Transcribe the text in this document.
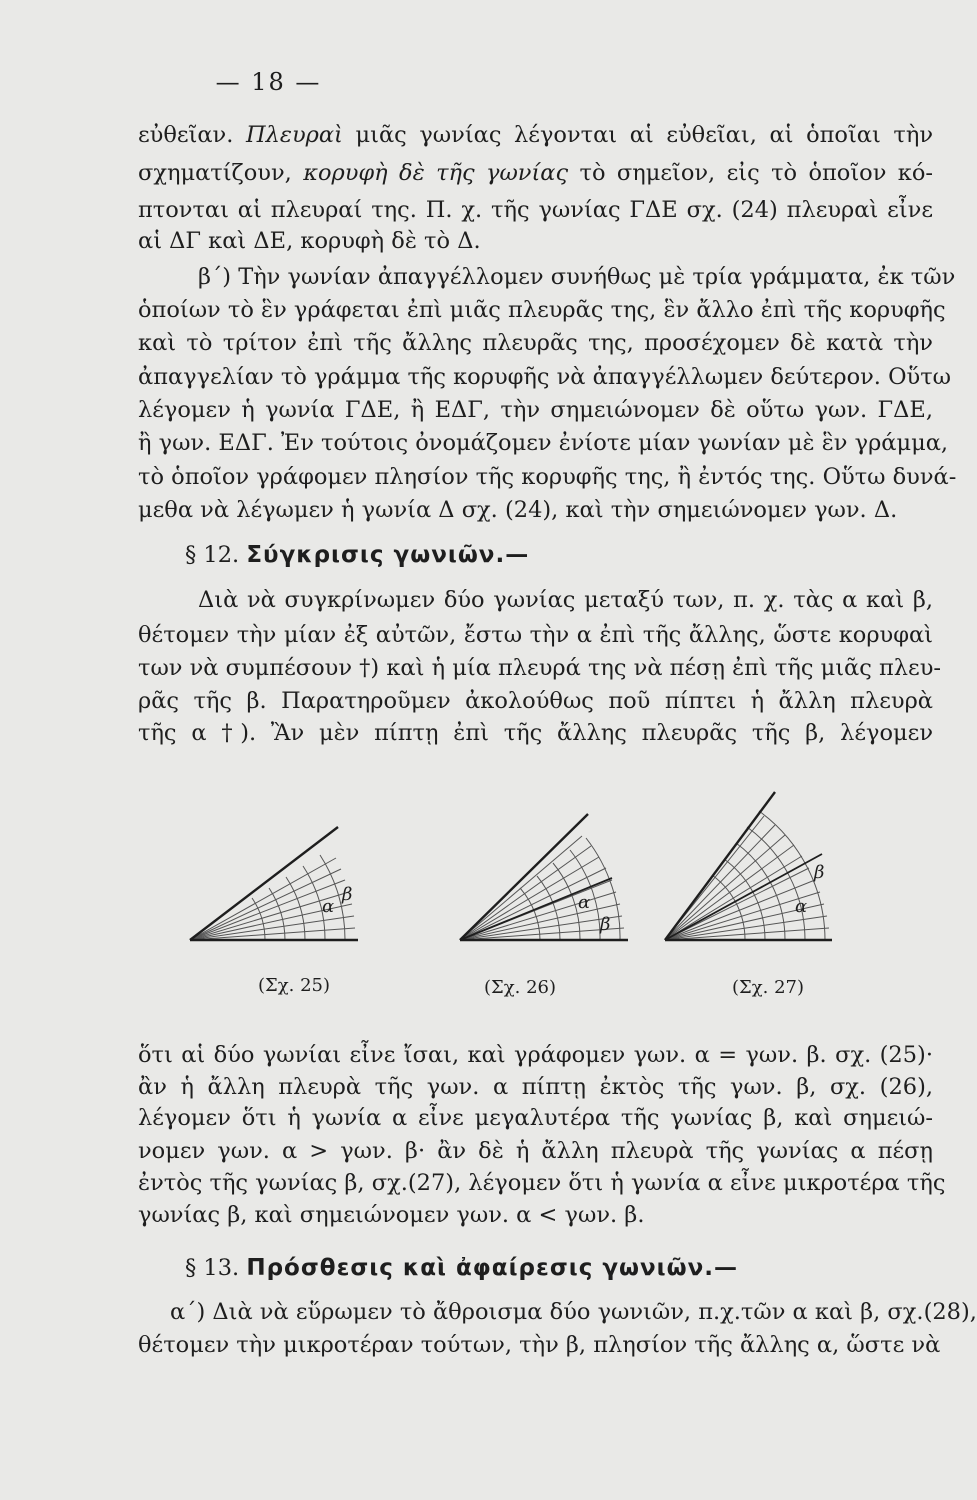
— 18 —
εὐθεῖαν. Πλευραὶ μιᾶς γωνίας λέγονται αἱ εὐθεῖαι, αἱ ὁποῖαι τὴν
σχηματίζουν, κορυφὴ δὲ τῆς γωνίας τὸ σημεῖον, εἰς τὸ ὁποῖον κό-
πτονται αἱ πλευραί της. Π. χ. τῆς γωνίας ΓΔΕ σχ. (24) πλευραὶ εἶνε
αἱ ΔΓ καὶ ΔΕ, κορυφὴ δὲ τὸ Δ.
β΄) Τὴν γωνίαν ἀπαγγέλλομεν συνήθως μὲ τρία γράμματα, ἐκ τῶν
ὁποίων τὸ ἓν γράφεται ἐπὶ μιᾶς πλευρᾶς της, ἓν ἄλλο ἐπὶ τῆς κορυφῆς
καὶ τὸ τρίτον ἐπὶ τῆς ἄλλης πλευρᾶς της, προσέχομεν δὲ κατὰ τὴν
ἀπαγγελίαν τὸ γράμμα τῆς κορυφῆς νὰ ἀπαγγέλλωμεν δεύτερον. Οὕτω
λέγομεν ἡ γωνία ΓΔΕ, ἢ ΕΔΓ, τὴν σημειώνομεν δὲ οὕτω γων. ΓΔΕ,
ἢ γων. ΕΔΓ. Ἐν τούτοις ὀνομάζομεν ἐνίοτε μίαν γωνίαν μὲ ἓν γράμμα,
τὸ ὁποῖον γράφομεν πλησίον τῆς κορυφῆς της, ἢ ἐντός της. Οὕτω δυνά-
μεθα νὰ λέγωμεν ἡ γωνία Δ σχ. (24), καὶ τὴν σημειώνομεν γων. Δ.
§ 12. Σύγκρισις γωνιῶν.—
Διὰ νὰ συγκρίνωμεν δύο γωνίας μεταξύ των, π. χ. τὰς α καὶ β,
θέτομεν τὴν μίαν ἐξ αὐτῶν, ἔστω τὴν α ἐπὶ τῆς ἄλλης, ὥστε κορυφαὶ
των νὰ συμπέσουν †) καὶ ἡ μία πλευρά της νὰ πέσῃ ἐπὶ τῆς μιᾶς πλευ-
ρᾶς τῆς β. Παρατηροῦμεν ἀκολούθως ποῦ πίπτει ἡ ἄλλη πλευρὰ
τῆς α †). Ἂν μὲν πίπτῃ ἐπὶ τῆς ἄλλης πλευρᾶς τῆς β, λέγομεν
α
β	α
β
α
β
(Σχ. 25)	(Σχ. 26)	(Σχ. 27)
ὅτι αἱ δύο γωνίαι εἶνε ἴσαι, καὶ γράφομεν γων. α = γων. β. σχ. (25)·
ἂν ἡ ἄλλη πλευρὰ τῆς γων. α πίπτῃ ἐκτὸς τῆς γων. β, σχ. (26),
λέγομεν ὅτι ἡ γωνία α εἶνε μεγαλυτέρα τῆς γωνίας β, καὶ σημειώ-
νομεν γων. α > γων. β· ἂν δὲ ἡ ἄλλη πλευρὰ τῆς γωνίας α πέσῃ
ἐντὸς τῆς γωνίας β, σχ.(27), λέγομεν ὅτι ἡ γωνία α εἶνε μικροτέρα τῆς
γωνίας β, καὶ σημειώνομεν γων. α < γων. β.
§ 13. Πρόσθεσις καὶ ἀφαίρεσις γωνιῶν.—
α΄) Διὰ νὰ εὕρωμεν τὸ ἄθροισμα δύο γωνιῶν, π.χ.τῶν α καὶ β, σχ.(28),
θέτομεν τὴν μικροτέραν τούτων, τὴν β, πλησίον τῆς ἄλλης α, ὥστε νὰ
